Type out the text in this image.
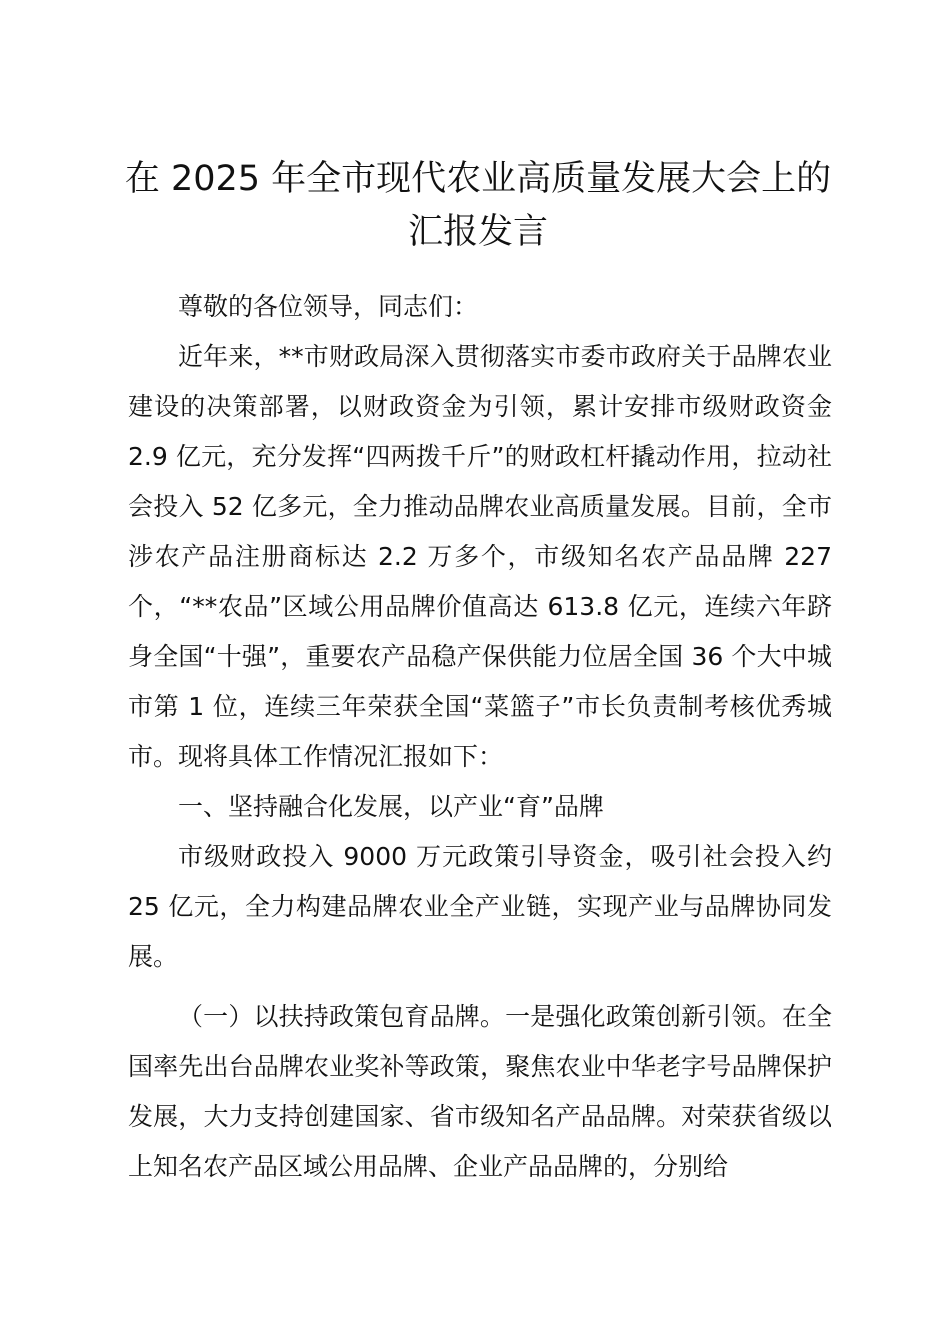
在 2025 年全市现代农业高质量发展大会上的
汇报发言

尊敬的各位领导，同志们：

近年来，**市财政局深入贯彻落实市委市政府关于品牌农业建设的决策部署，以财政资金为引领，累计安排市级财政资金 2.9 亿元，充分发挥“四两拨千斤”的财政杠杆撬动作用，拉动社会投入 52 亿多元，全力推动品牌农业高质量发展。目前，全市涉农产品注册商标达 2.2 万多个，市级知名农产品品牌 227 个，“**农品”区域公用品牌价值高达 613.8 亿元，连续六年跻身全国“十强”，重要农产品稳产保供能力位居全国 36 个大中城市第 1 位，连续三年荣获全国“菜篮子”市长负责制考核优秀城市。现将具体工作情况汇报如下：

一、坚持融合化发展，以产业“育”品牌

市级财政投入 9000 万元政策引导资金，吸引社会投入约 25 亿元，全力构建品牌农业全产业链，实现产业与品牌协同发展。

（一）以扶持政策包育品牌。一是强化政策创新引领。在全国率先出台品牌农业奖补等政策，聚焦农业中华老字号品牌保护发展，大力支持创建国家、省市级知名产品品牌。对荣获省级以上知名农产品区域公用品牌、企业产品品牌的，分别给
